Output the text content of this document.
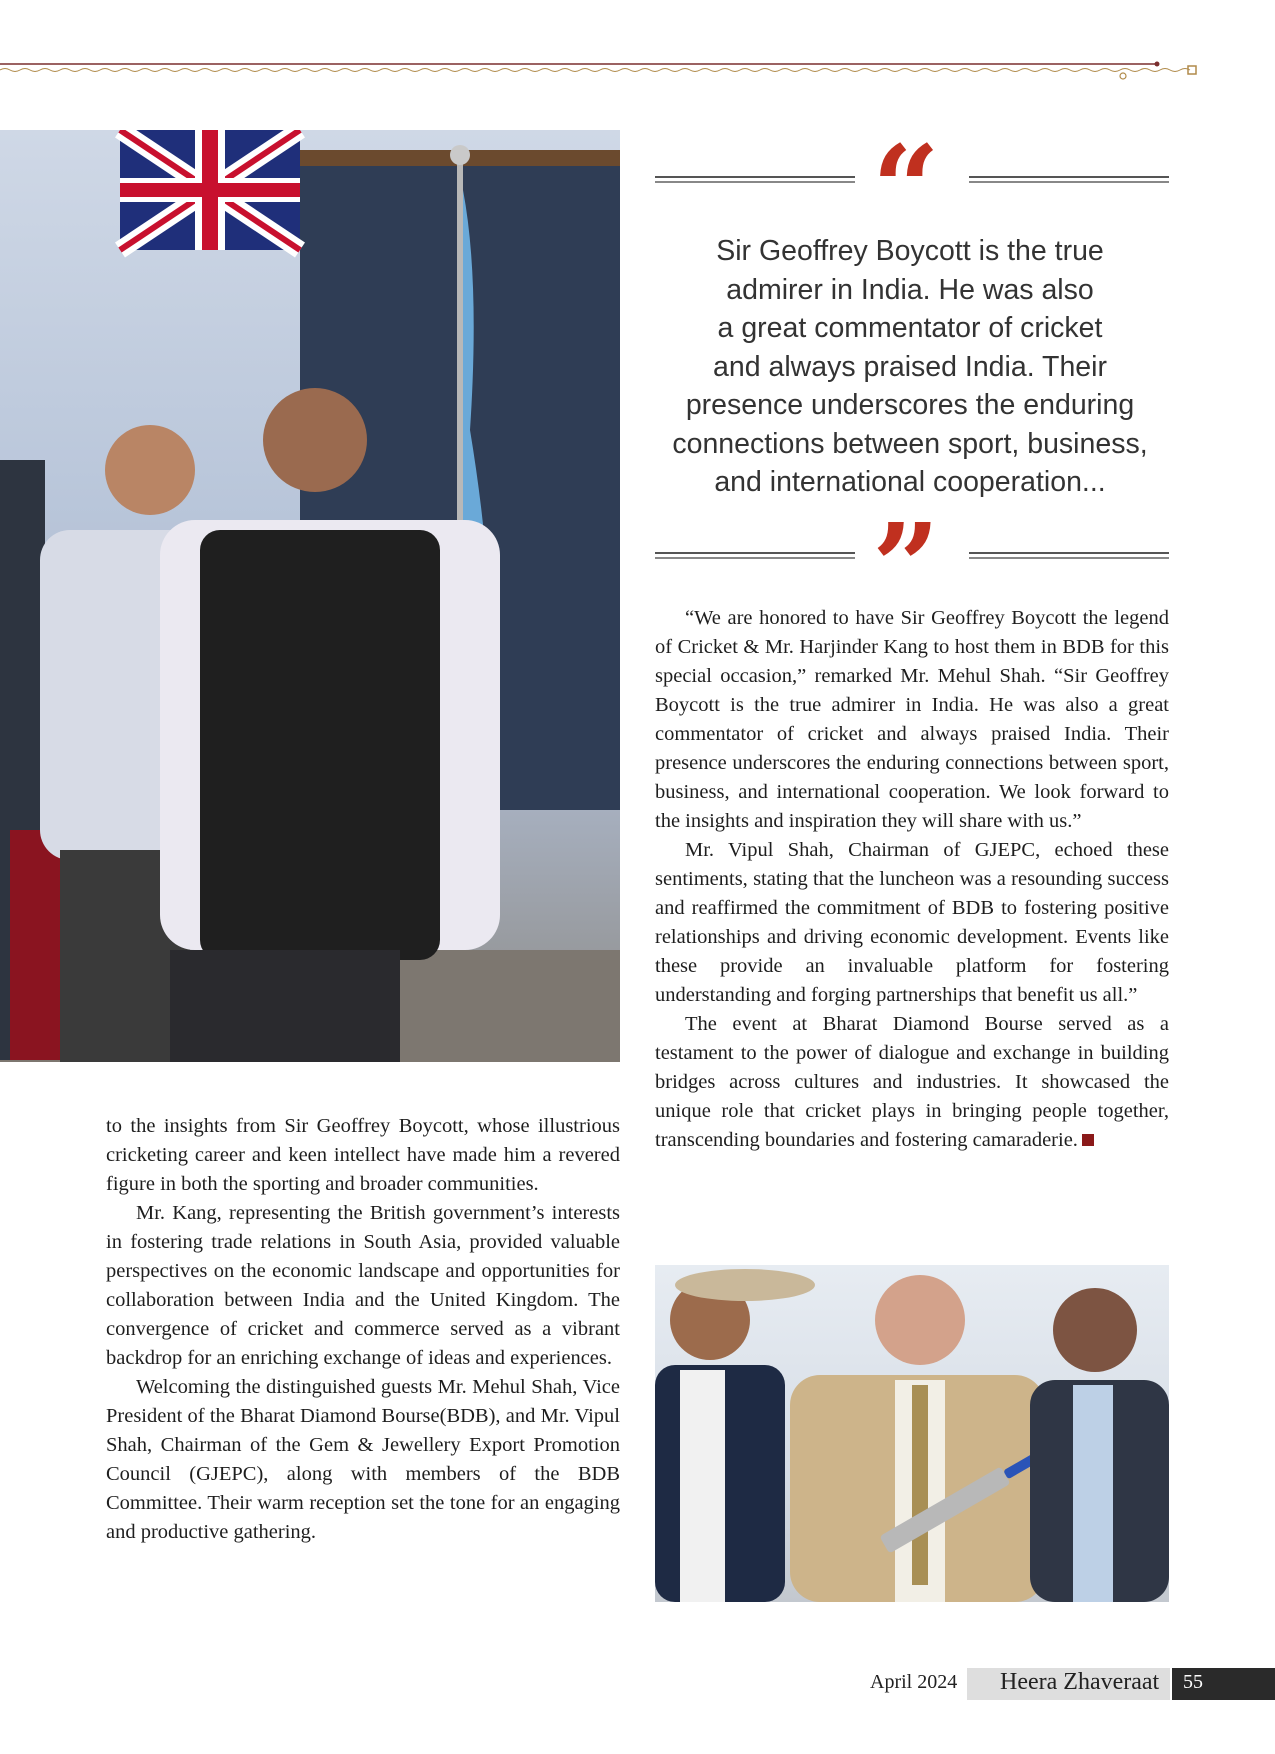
“
Sir Geoffrey Boycott is the true
admirer in India. He was also
a great commentator of cricket
and always praised India. Their
presence underscores the enduring
connections between sport, business,
and international cooperation...
”

“We are honored to have Sir Geoffrey Boycott the legend of Cricket & Mr. Harjinder Kang to host them in BDB for this special occasion,” remarked Mr. Mehul Shah. “Sir Geoffrey Boycott is the true admirer in India. He was also a great commentator of cricket and always praised India. Their presence underscores the enduring connections between sport, business, and international cooperation. We look forward to the insights and inspiration they will share with us.”

Mr. Vipul Shah, Chairman of GJEPC, echoed these sentiments, stating that the luncheon was a resounding success and reaffirmed the commitment of BDB to fostering positive relationships and driving economic development. Events like these provide an invaluable platform for fostering understanding and forging partnerships that benefit us all.”

The event at Bharat Diamond Bourse served as a testament to the power of dialogue and exchange in building bridges across cultures and industries. It showcased the unique role that cricket plays in bringing people together, transcending boundaries and fostering camaraderie.

to the insights from Sir Geoffrey Boycott, whose illustrious cricketing career and keen intellect have made him a revered figure in both the sporting and broader communities.

Mr. Kang, representing the British government’s interests in fostering trade relations in South Asia, provided valuable perspectives on the economic landscape and opportunities for collaboration between India and the United Kingdom. The convergence of cricket and commerce served as a vibrant backdrop for an enriching exchange of ideas and experiences.

Welcoming the distinguished guests Mr. Mehul Shah, Vice President of the Bharat Diamond Bourse(BDB), and Mr. Vipul Shah, Chairman of the Gem & Jewellery Export Promotion Council (GJEPC), along with members of the BDB Committee. Their warm reception set the tone for an engaging and productive gathering.

April 2024 Heera Zhaveraat 55
